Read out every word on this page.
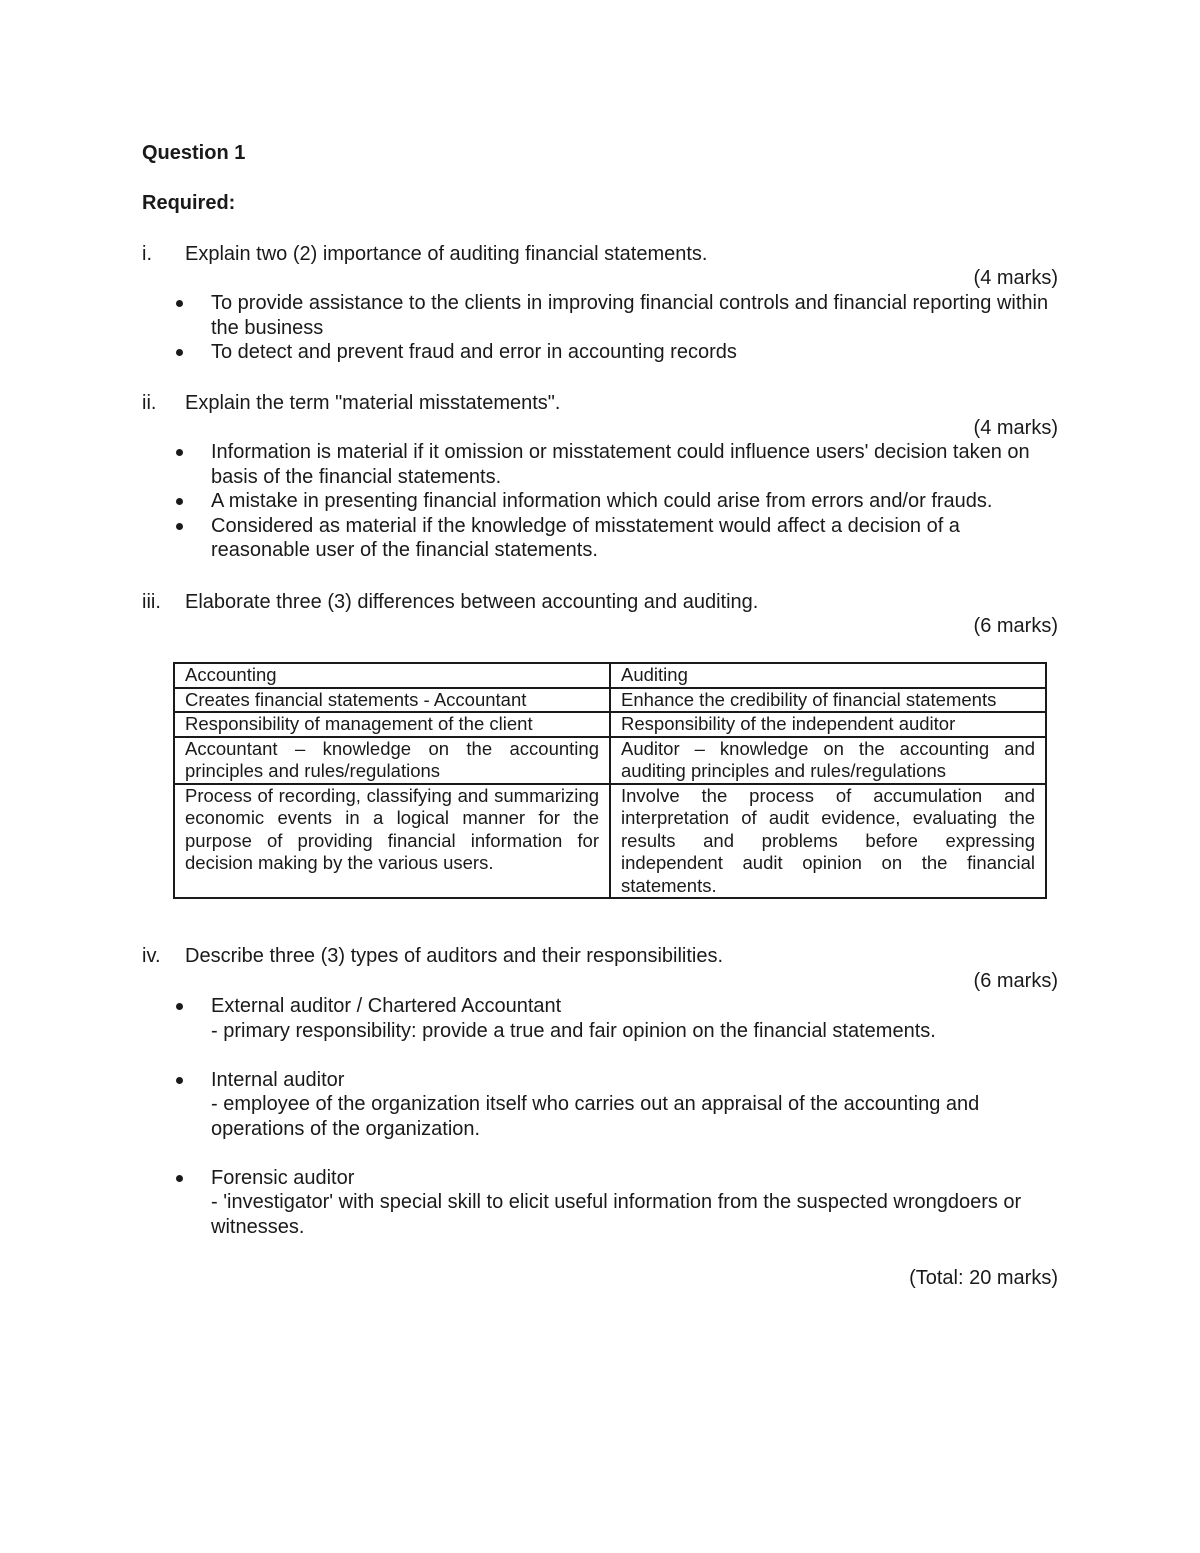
Question 1
Required:
i. Explain two (2) importance of auditing financial statements.
(4 marks)
To provide assistance to the clients in improving financial controls and financial reporting within the business
To detect and prevent fraud and error in accounting records
ii. Explain the term "material misstatements".
(4 marks)
Information is material if it omission or misstatement could influence users' decision taken on basis of the financial statements.
A mistake in presenting financial information which could arise from errors and/or frauds.
Considered as material if the knowledge of misstatement would affect a decision of a reasonable user of the financial statements.
iii. Elaborate three (3) differences between accounting and auditing.
(6 marks)
Accounting	Auditing
Creates financial statements - Accountant	Enhance the credibility of financial statements
Responsibility of management of the client	Responsibility of the independent auditor
Accountant – knowledge on the accounting principles and rules/regulations	Auditor – knowledge on the accounting and auditing principles and rules/regulations
Process of recording, classifying and summarizing economic events in a logical manner for the purpose of providing financial information for decision making by the various users.	Involve the process of accumulation and interpretation of audit evidence, evaluating the results and problems before expressing independent audit opinion on the financial statements.
iv. Describe three (3) types of auditors and their responsibilities.
(6 marks)
External auditor / Chartered Accountant
- primary responsibility: provide a true and fair opinion on the financial statements.
Internal auditor
- employee of the organization itself who carries out an appraisal of the accounting and operations of the organization.
Forensic auditor
- 'investigator' with special skill to elicit useful information from the suspected wrongdoers or witnesses.
(Total: 20 marks)
